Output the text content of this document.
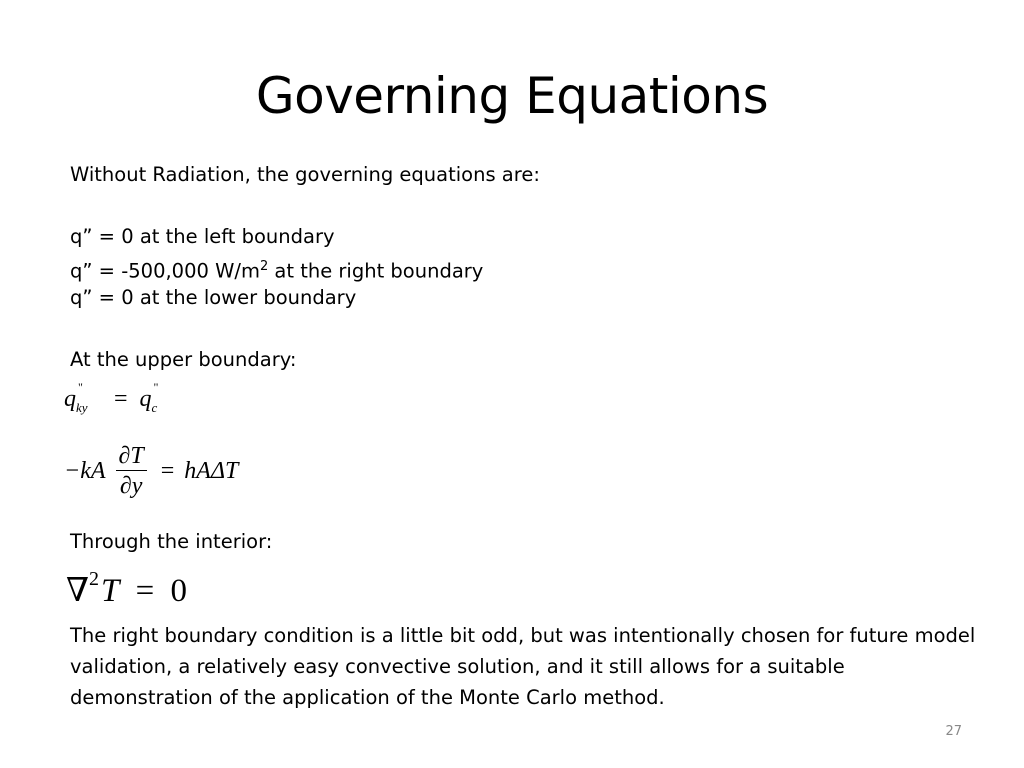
Governing Equations
Without Radiation, the governing equations are:
q” = 0 at the left boundary
q” = -500,000 $W/m^2$ at the right boundary
q” = 0 at the lower boundary
At the upper boundary:
q "
ky = q "
c
$-kA \frac{\partial T}{\partial y} = hA\Delta T$
Through the interior:
∇$^2$T = 0
The right boundary condition is a little bit odd, but was intentionally chosen for future model validation, a relatively easy convective solution, and it still allows for a suitable demonstration of the application of the Monte Carlo method.
27
